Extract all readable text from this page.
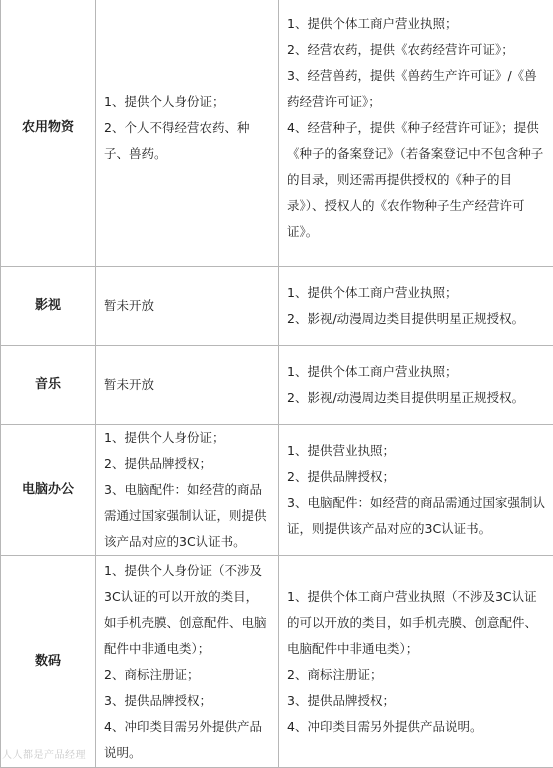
农用物资	1、提供个人身份证；
2、个人不得经营农药、种子、兽药。	1、提供个体工商户营业执照；
2、经营农药，提供《农药经营许可证》；
3、经营兽药，提供《兽药生产许可证》/《兽药经营许可证》；
4、经营种子，提供《种子经营许可证》；提供《种子的备案登记》（若备案登记中不包含种子的目录，则还需再提供授权的《种子的目录》）、授权人的《农作物种子生产经营许可证》。

影视	暂未开放	1、提供个体工商户营业执照；
2、影视/动漫周边类目提供明星正规授权。

音乐	暂未开放	1、提供个体工商户营业执照；
2、影视/动漫周边类目提供明星正规授权。

电脑办公	1、提供个人身份证；
2、提供品牌授权；
3、电脑配件：如经营的商品需通过国家强制认证，则提供该产品对应的3C认证书。	1、提供营业执照；
2、提供品牌授权；
3、电脑配件：如经营的商品需通过国家强制认证，则提供该产品对应的3C认证书。

数码	1、提供个人身份证（不涉及3C认证的可以开放的类目，如手机壳膜、创意配件、电脑配件中非通电类）；
2、商标注册证；
3、提供品牌授权；
4、冲印类目需另外提供产品说明。	1、提供个体工商户营业执照（不涉及3C认证的可以开放的类目，如手机壳膜、创意配件、电脑配件中非通电类）；
2、商标注册证；
3、提供品牌授权；
4、冲印类目需另外提供产品说明。
人人都是产品经理
